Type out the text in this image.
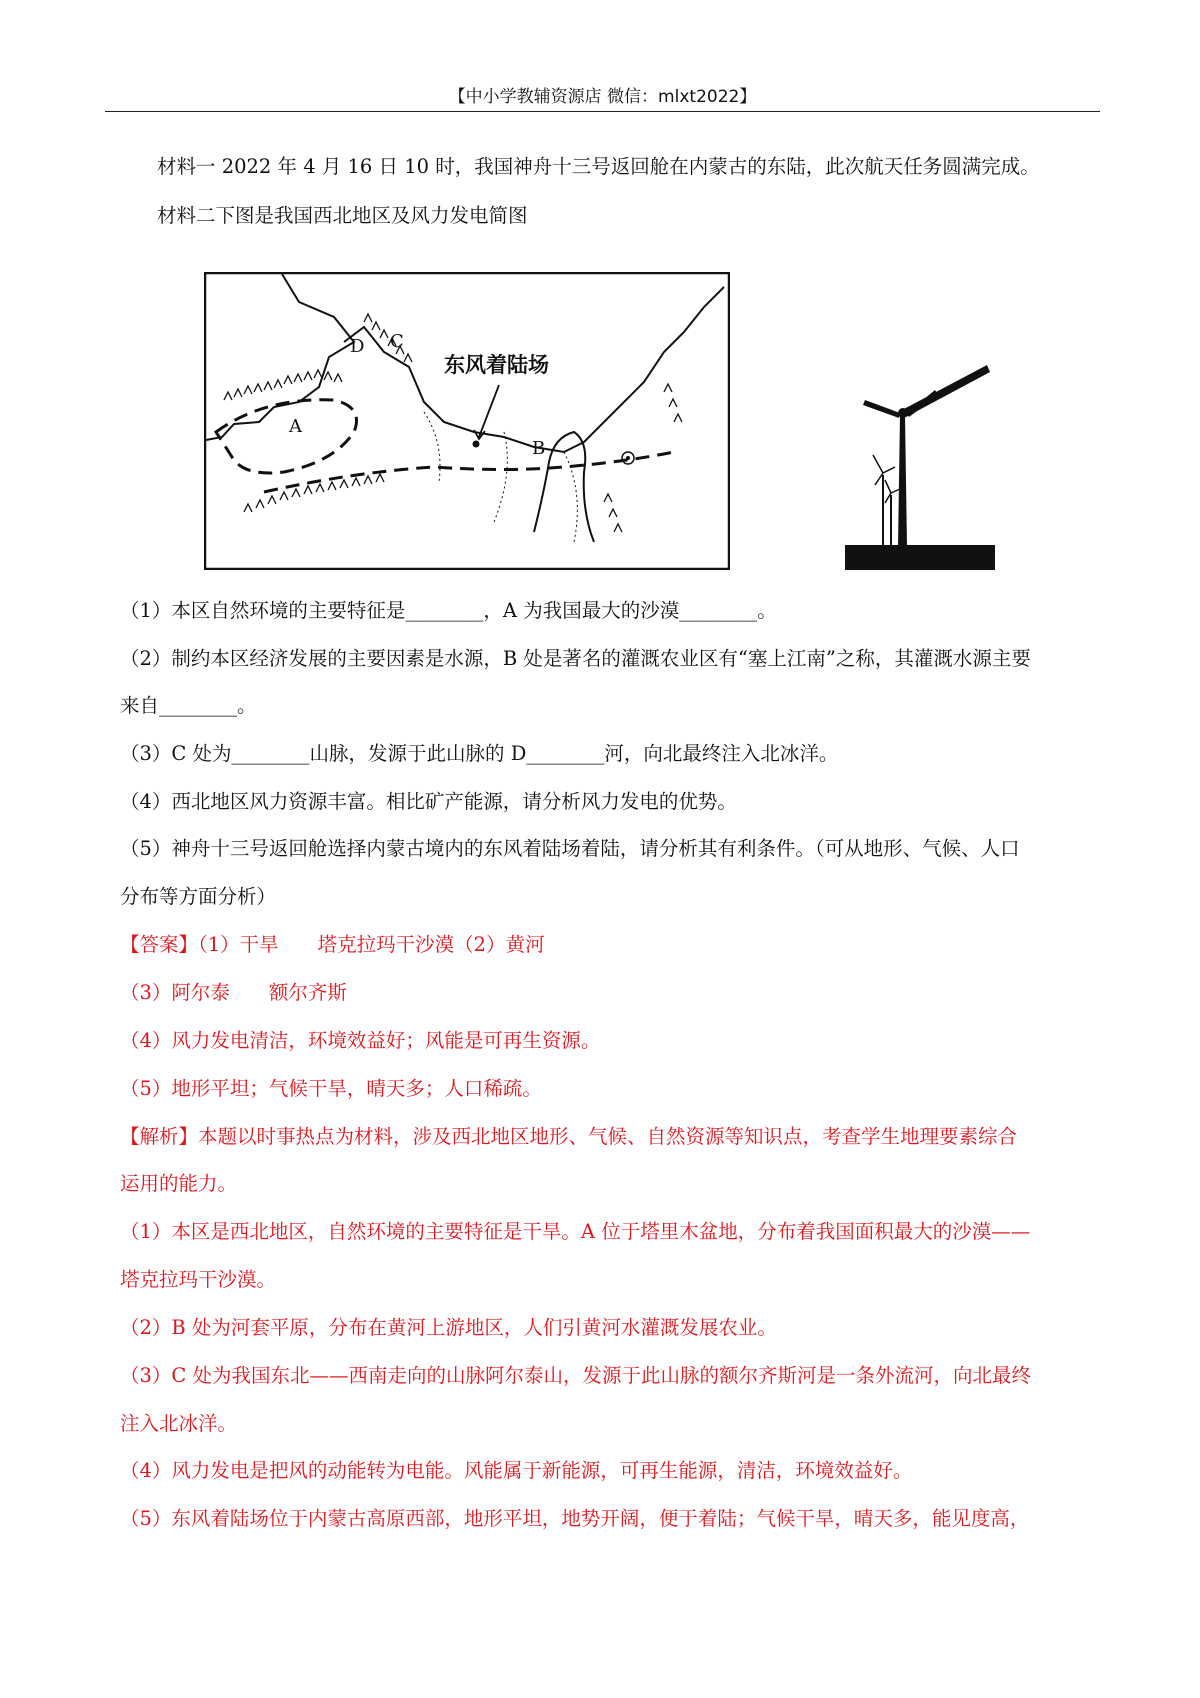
【中小学教辅资源店 微信：mlxt2022】
材料一 2022 年 4 月 16 日 10 时，我国神舟十三号返回舱在内蒙古的东陆，此次航天任务圆满完成。
材料二下图是我国西北地区及风力发电简图
东风着陆场
A
B
C
D
（1）本区自然环境的主要特征是________，A 为我国最大的沙漠________。
（2）制约本区经济发展的主要因素是水源，B 处是著名的灌溉农业区有“塞上江南”之称，其灌溉水源主要
来自________。
（3）C 处为________山脉，发源于此山脉的 D________河，向北最终注入北冰洋。
（4）西北地区风力资源丰富。相比矿产能源，请分析风力发电的优势。
（5）神舟十三号返回舱选择内蒙古境内的东风着陆场着陆，请分析其有利条件。（可从地形、气候、人口
分布等方面分析）
【答案】（1）干旱　　塔克拉玛干沙漠（2）黄河
（3）阿尔泰　　额尔齐斯
（4）风力发电清洁，环境效益好；风能是可再生资源。
（5）地形平坦；气候干旱，晴天多；人口稀疏。
【解析】本题以时事热点为材料，涉及西北地区地形、气候、自然资源等知识点，考查学生地理要素综合
运用的能力。
（1）本区是西北地区，自然环境的主要特征是干旱。A 位于塔里木盆地，分布着我国面积最大的沙漠——
塔克拉玛干沙漠。
（2）B 处为河套平原，分布在黄河上游地区，人们引黄河水灌溉发展农业。
（3）C 处为我国东北——西南走向的山脉阿尔泰山，发源于此山脉的额尔齐斯河是一条外流河，向北最终
注入北冰洋。
（4）风力发电是把风的动能转为电能。风能属于新能源，可再生能源，清洁，环境效益好。
（5）东风着陆场位于内蒙古高原西部，地形平坦，地势开阔，便于着陆；气候干旱，晴天多，能见度高，
